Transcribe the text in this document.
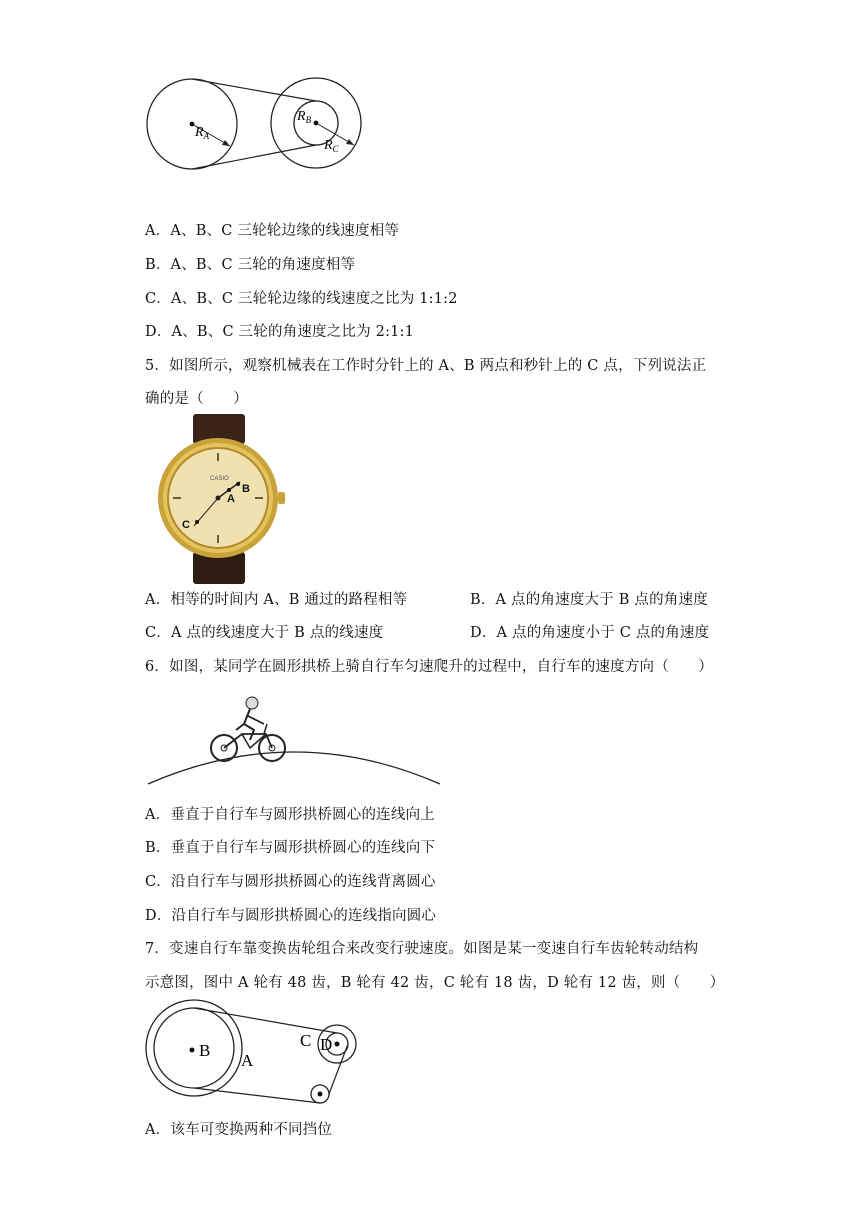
$R_A$
$R_B$
$R_C$
A．A、B、C 三轮轮边缘的线速度相等
B．A、B、C 三轮的角速度相等
C．A、B、C 三轮轮边缘的线速度之比为 1:1:2
D．A、B、C 三轮的角速度之比为 2:1:1
5．如图所示，观察机械表在工作时分针上的 A、B 两点和秒针上的 C 点，下列说法正
确的是（　　）
CASIO
A
B
C
A．相等的时间内 A、B 通过的路程相等	B．A 点的角速度大于 B 点的角速度
C．A 点的线速度大于 B 点的线速度	D．A 点的角速度小于 C 点的角速度
6．如图，某同学在圆形拱桥上骑自行车匀速爬升的过程中，自行车的速度方向（　　）
A．垂直于自行车与圆形拱桥圆心的连线向上
B．垂直于自行车与圆形拱桥圆心的连线向下
C．沿自行车与圆形拱桥圆心的连线背离圆心
D．沿自行车与圆形拱桥圆心的连线指向圆心
7．变速自行车靠变换齿轮组合来改变行驶速度。如图是某一变速自行车齿轮转动结构
示意图，图中 A 轮有 48 齿，B 轮有 42 齿，C 轮有 18 齿，D 轮有 12 齿，则（　　）
B
A
C D
A．该车可变换两种不同挡位
